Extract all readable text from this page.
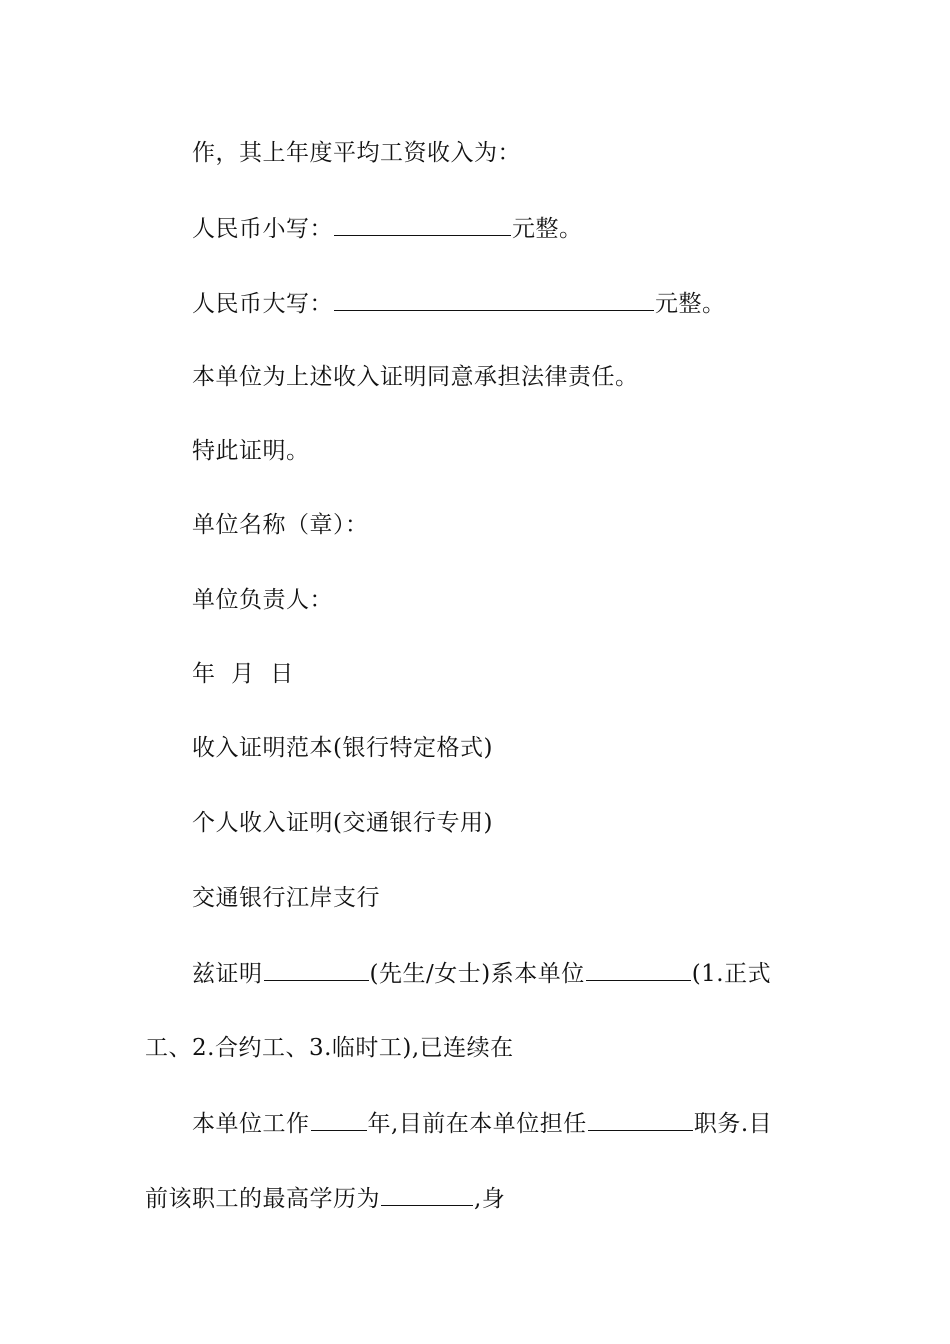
作，其上年度平均工资收入为：
人民币小写：	元整。
人民币大写：	元整。
本单位为上述收入证明同意承担法律责任。
特此证明。
单位名称（章）：
单位负责人：
年  月  日
收入证明范本(银行特定格式)
个人收入证明(交通银行专用)
交通银行江岸支行
兹证明	(先生/女士)系本单位	(1.正式
工、2.合约工、3.临时工),已连续在
本单位工作	年,目前在本单位担任	职务.目
前该职工的最高学历为	,身
